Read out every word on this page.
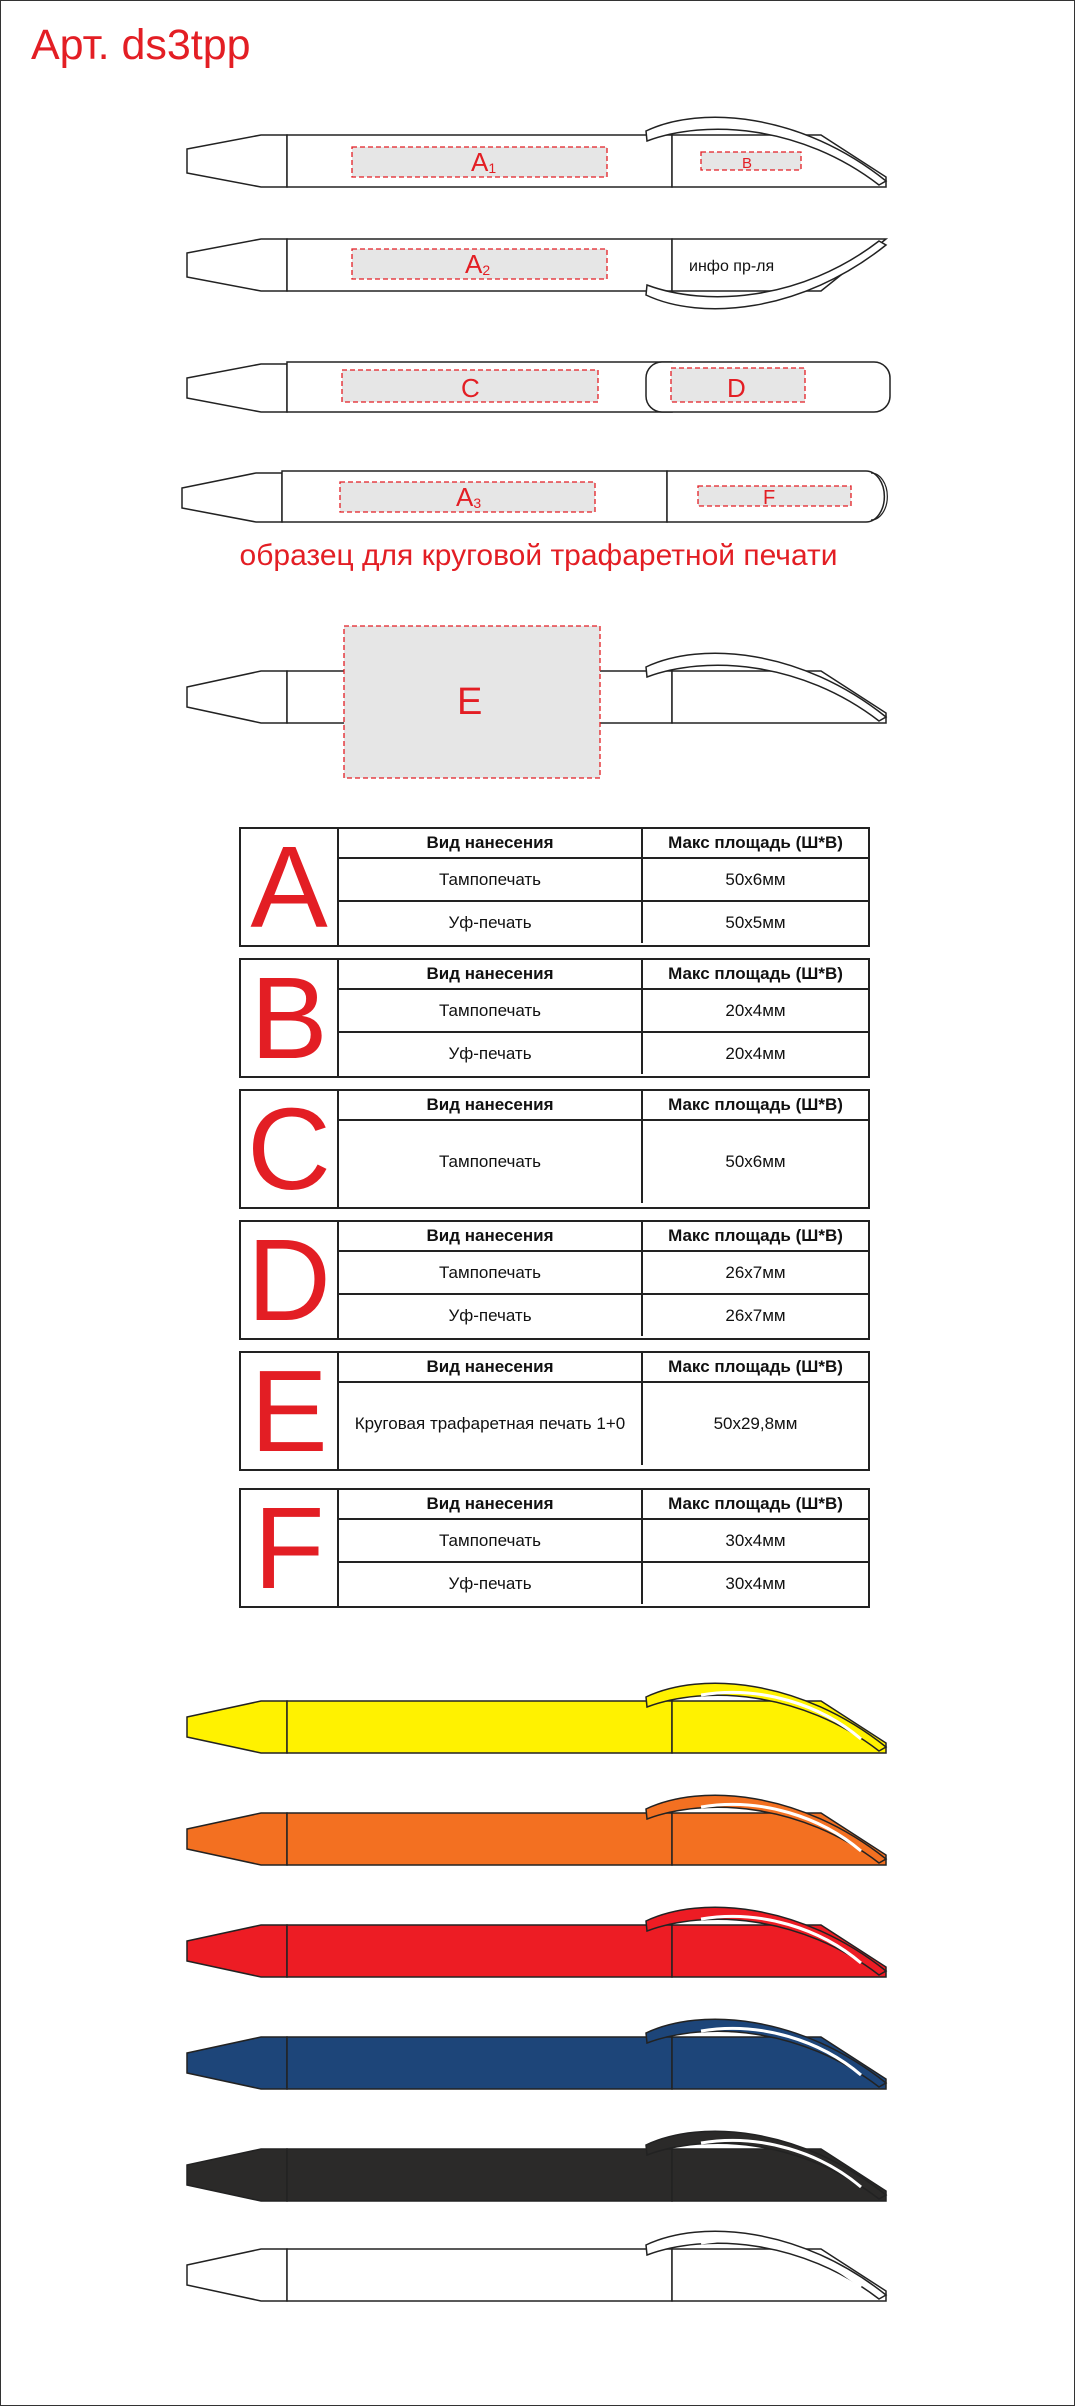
Арт. ds3tpp
A1	B
A2	инфо пр-ля
C	D
A3	F
E
образец для круговой трафаретной печати
A	Вид нанесения	Макс площадь (Ш*В)
Тампопечать	50х6мм
Уф-печать	50х5мм
B	Вид нанесения	Макс площадь (Ш*В)
Тампопечать	20х4мм
Уф-печать	20х4мм
C	Вид нанесения	Макс площадь (Ш*В)
Тампопечать	50х6мм
D	Вид нанесения	Макс площадь (Ш*В)
Тампопечать	26х7мм
Уф-печать	26х7мм
E	Вид нанесения	Макс площадь (Ш*В)
Круговая трафаретная печать 1+0	50х29,8мм
F	Вид нанесения	Макс площадь (Ш*В)
Тампопечать	30х4мм
Уф-печать	30х4мм
